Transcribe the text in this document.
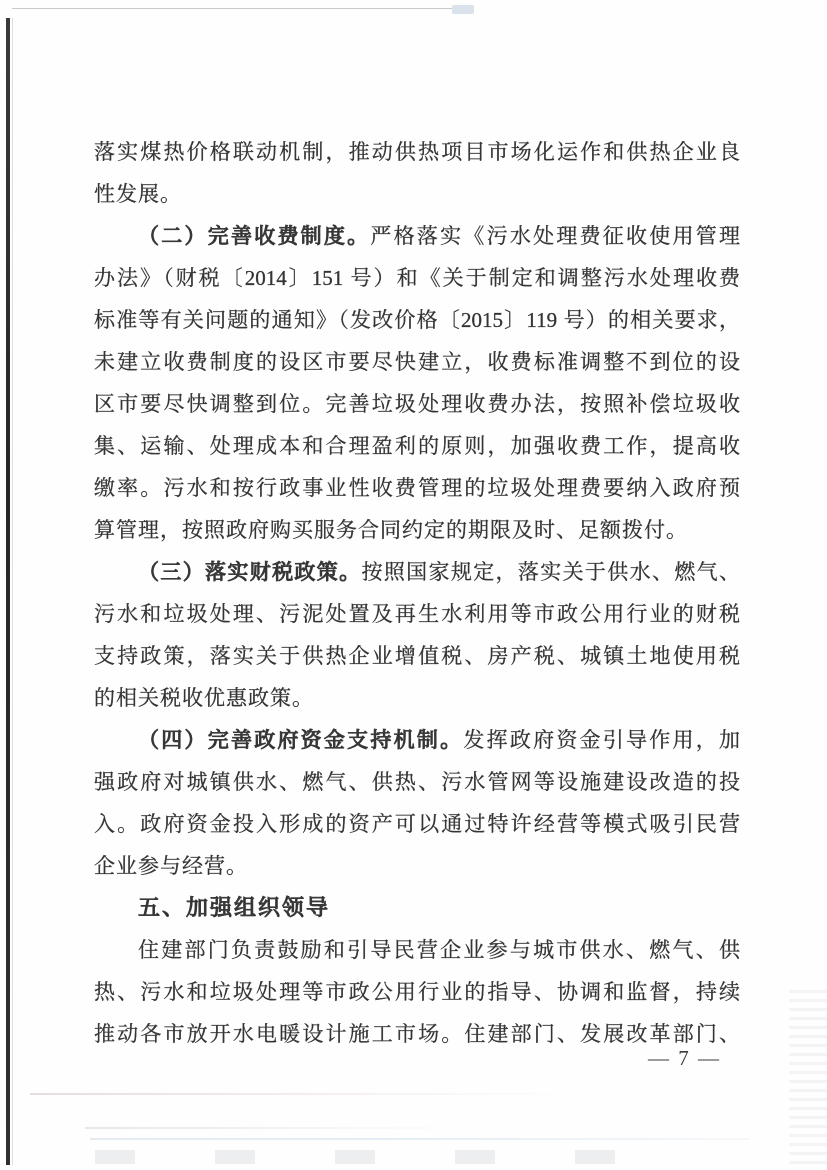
落实煤热价格联动机制，推动供热项目市场化运作和供热企业良
性发展。
（二）完善收费制度。严格落实《污水处理费征收使用管理
办法》（财税〔2014〕151 号）和《关于制定和调整污水处理收费
标准等有关问题的通知》（发改价格〔2015〕119 号）的相关要求，
未建立收费制度的设区市要尽快建立，收费标准调整不到位的设
区市要尽快调整到位。完善垃圾处理收费办法，按照补偿垃圾收
集、运输、处理成本和合理盈利的原则，加强收费工作，提高收
缴率。污水和按行政事业性收费管理的垃圾处理费要纳入政府预
算管理，按照政府购买服务合同约定的期限及时、足额拨付。
（三）落实财税政策。按照国家规定，落实关于供水、燃气、
污水和垃圾处理、污泥处置及再生水利用等市政公用行业的财税
支持政策，落实关于供热企业增值税、房产税、城镇土地使用税
的相关税收优惠政策。
（四）完善政府资金支持机制。发挥政府资金引导作用，加
强政府对城镇供水、燃气、供热、污水管网等设施建设改造的投
入。政府资金投入形成的资产可以通过特许经营等模式吸引民营
企业参与经营。
五、加强组织领导
住建部门负责鼓励和引导民营企业参与城市供水、燃气、供
热、污水和垃圾处理等市政公用行业的指导、协调和监督，持续
推动各市放开水电暖设计施工市场。住建部门、发展改革部门、
— 7 —
